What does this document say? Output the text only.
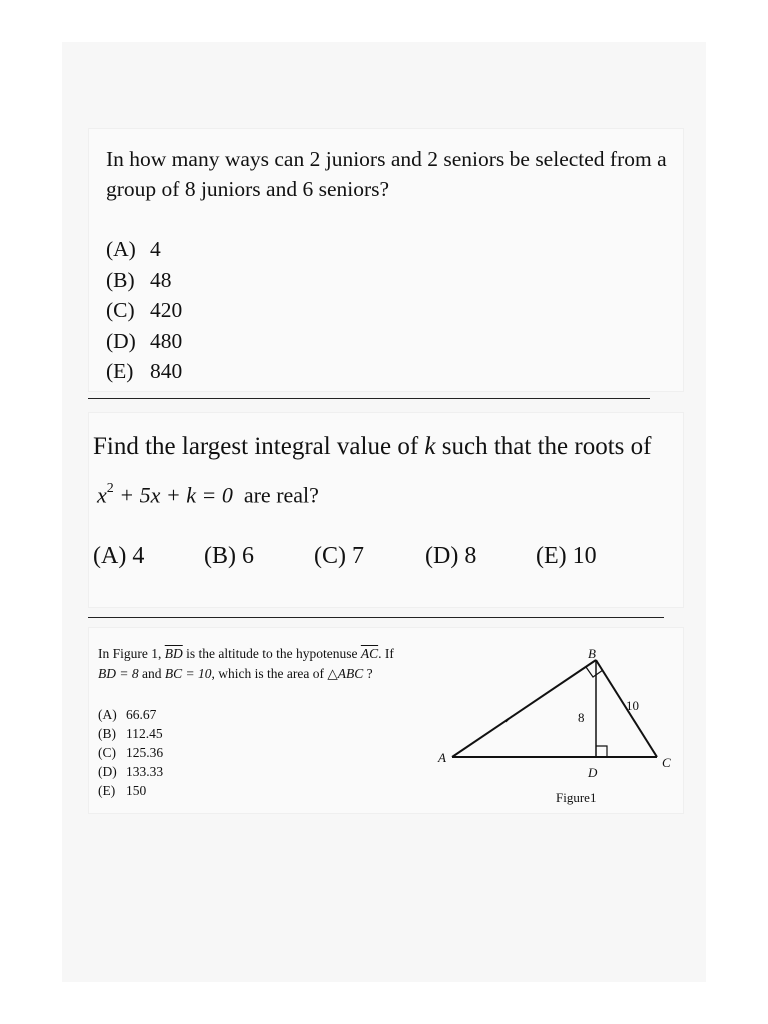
In how many ways can 2 juniors and 2 seniors be selected from a group of 8 juniors and 6 seniors?
(A) 4
(B) 48
(C) 420
(D) 480
(E) 840
Find the largest integral value of k such that the roots of
$x^2 + 5x + k = 0$ are real?
(A) 4 (B) 6	(C) 7	(D) 8 (E) 10
In Figure 1, $\overline{BD}$ is the altitude to the hypotenuse $\overline{AC}$. If
BD = 8 and BC = 10, which is the area of △ABC ?
(A) 66.67
(B) 112.45
(C) 125.36
(D) 133.33
(E) 150
A
B
C
D
8
10
Figure1
